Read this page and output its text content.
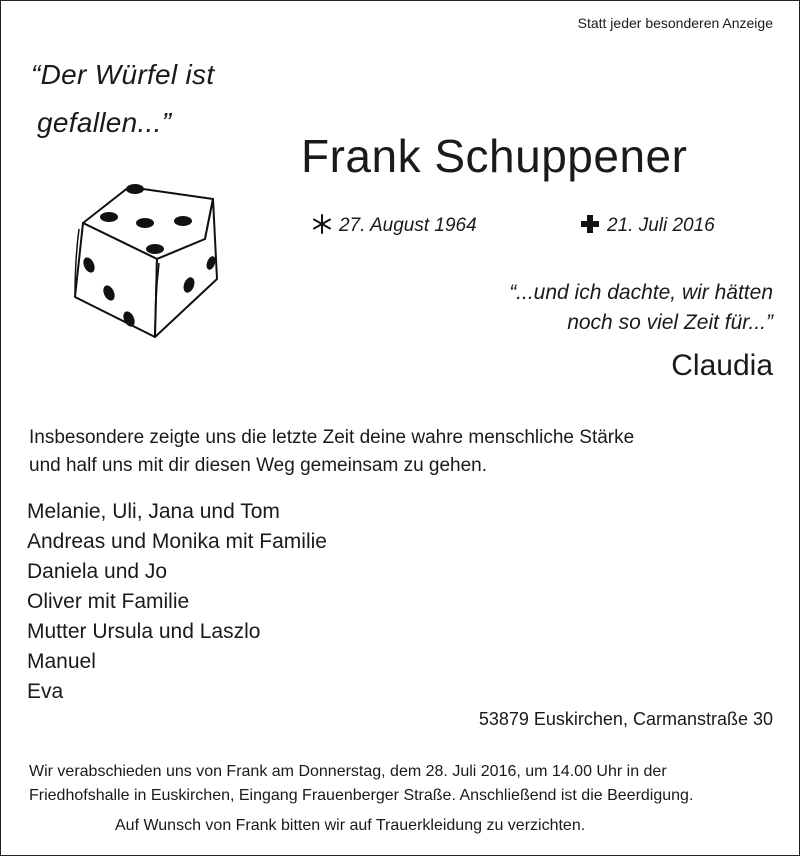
Statt jeder besonderen Anzeige
“Der Würfel ist
gefallen...”
Frank Schuppener
27. August 1964	21. Juli 2016
“...und ich dachte, wir hätten
noch so viel Zeit für...”
Claudia
Insbesondere zeigte uns die letzte Zeit deine wahre menschliche Stärke
und half uns mit dir diesen Weg gemeinsam zu gehen.
Melanie, Uli, Jana und Tom
Andreas und Monika mit Familie
Daniela und Jo
Oliver mit Familie
Mutter Ursula und Laszlo
Manuel
Eva
53879 Euskirchen, Carmanstraße 30
Wir verabschieden uns von Frank am Donnerstag, dem 28. Juli 2016, um 14.00 Uhr in der
Friedhofshalle in Euskirchen, Eingang Frauenberger Straße. Anschließend ist die Beerdigung.
Auf Wunsch von Frank bitten wir auf Trauerkleidung zu verzichten.
